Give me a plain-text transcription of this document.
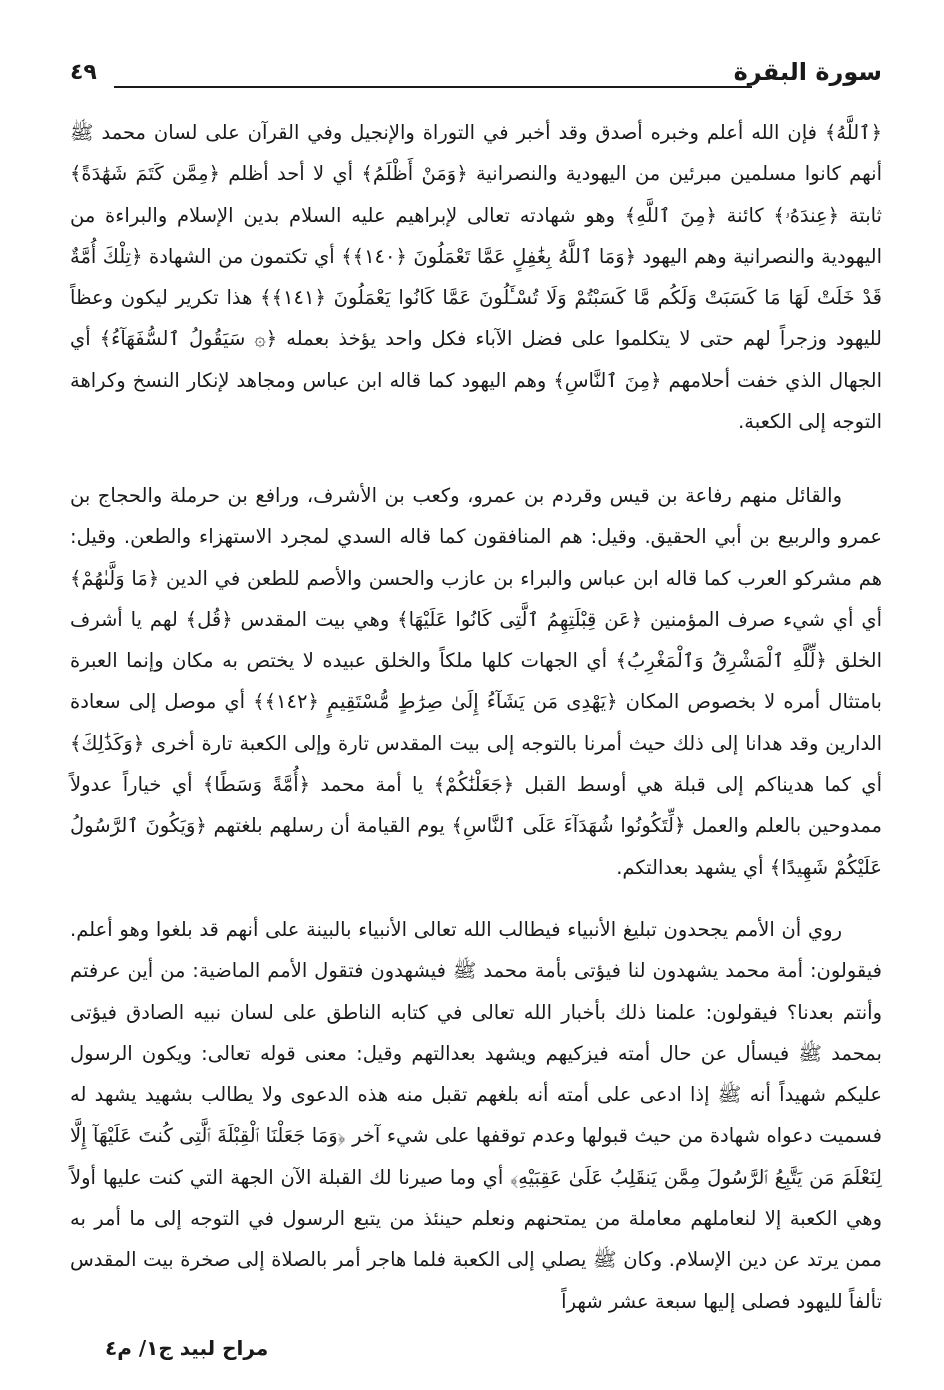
٤٩	سورة البقرة
﴿ٱللَّهُ﴾ فإن الله أعلم وخبره أصدق وقد أخبر في التوراة والإنجيل وفي القرآن على لسان محمد ﷺ أنهم كانوا مسلمين مبرئين من اليهودية والنصرانية ﴿وَمَنْ أَظْلَمُ﴾ أي لا أحد أظلم ﴿مِمَّن كَتَمَ شَهَٰدَةً﴾ ثابتة ﴿عِندَهُۥ﴾ كائنة ﴿مِنَ ٱللَّهِ﴾ وهو شهادته تعالى لإبراهيم عليه السلام بدين الإسلام والبراءة من اليهودية والنصرانية وهم اليهود ﴿وَمَا ٱللَّهُ بِغَٰفِلٍ عَمَّا تَعْمَلُونَ ﴿١٤٠﴾﴾ أي تكتمون من الشهادة ﴿تِلْكَ أُمَّةٌ قَدْ خَلَتْ لَهَا مَا كَسَبَتْ وَلَكُم مَّا كَسَبْتُمْ وَلَا تُسْـَٔلُونَ عَمَّا كَانُوا يَعْمَلُونَ ﴿١٤١﴾﴾ هذا تكرير ليكون وعظاً لليهود وزجراً لهم حتى لا يتكلموا على فضل الآباء فكل واحد يؤخذ بعمله ﴿۞ سَيَقُولُ ٱلسُّفَهَآءُ﴾ أي الجهال الذي خفت أحلامهم ﴿مِنَ ٱلنَّاسِ﴾ وهم اليهود كما قاله ابن عباس ومجاهد لإنكار النسخ وكراهة التوجه إلى الكعبة.
والقائل منهم رفاعة بن قيس وقردم بن عمرو، وكعب بن الأشرف، ورافع بن حرملة والحجاج بن عمرو والربيع بن أبي الحقيق. وقيل: هم المنافقون كما قاله السدي لمجرد الاستهزاء والطعن. وقيل: هم مشركو العرب كما قاله ابن عباس والبراء بن عازب والحسن والأصم للطعن في الدين ﴿مَا وَلَّىٰهُمْ﴾ أي أي شيء صرف المؤمنين ﴿عَن قِبْلَتِهِمُ ٱلَّتِى كَانُوا عَلَيْهَا﴾ وهي بيت المقدس ﴿قُل﴾ لهم يا أشرف الخلق ﴿لِّلَّهِ ٱلْمَشْرِقُ وَٱلْمَغْرِبُ﴾ أي الجهات كلها ملكاً والخلق عبيده لا يختص به مكان وإنما العبرة بامتثال أمره لا بخصوص المكان ﴿يَهْدِى مَن يَشَآءُ إِلَىٰ صِرَٰطٍ مُّسْتَقِيمٍ ﴿١٤٢﴾﴾ أي موصل إلى سعادة الدارين وقد هدانا إلى ذلك حيث أمرنا بالتوجه إلى بيت المقدس تارة وإلى الكعبة تارة أخرى ﴿وَكَذَٰلِكَ﴾ أي كما هديناكم إلى قبلة هي أوسط القبل ﴿جَعَلْنَٰكُمْ﴾ يا أمة محمد ﴿أُمَّةً وَسَطًا﴾ أي خياراً عدولاً ممدوحين بالعلم والعمل ﴿لِّتَكُونُوا شُهَدَآءَ عَلَى ٱلنَّاسِ﴾ يوم القيامة أن رسلهم بلغتهم ﴿وَيَكُونَ ٱلرَّسُولُ عَلَيْكُمْ شَهِيدًا﴾ أي يشهد بعدالتكم.
روي أن الأمم يجحدون تبليغ الأنبياء فيطالب الله تعالى الأنبياء بالبينة على أنهم قد بلغوا وهو أعلم. فيقولون: أمة محمد يشهدون لنا فيؤتى بأمة محمد ﷺ فيشهدون فتقول الأمم الماضية: من أين عرفتم وأنتم بعدنا؟ فيقولون: علمنا ذلك بأخبار الله تعالى في كتابه الناطق على لسان نبيه الصادق فيؤتى بمحمد ﷺ فيسأل عن حال أمته فيزكيهم ويشهد بعدالتهم وقيل: معنى قوله تعالى: ويكون الرسول عليكم شهيداً أنه ﷺ إذا ادعى على أمته أنه بلغهم تقبل منه هذه الدعوى ولا يطالب بشهيد يشهد له فسميت دعواه شهادة من حيث قبولها وعدم توقفها على شيء آخر ﴿وَمَا جَعَلْنَا ٱلْقِبْلَةَ ٱلَّتِى كُنتَ عَلَيْهَآ إِلَّا لِنَعْلَمَ مَن يَتَّبِعُ ٱلرَّسُولَ مِمَّن يَنقَلِبُ عَلَىٰ عَقِبَيْهِ﴾ أي وما صيرنا لك القبلة الآن الجهة التي كنت عليها أولاً وهي الكعبة إلا لنعاملهم معاملة من يمتحنهم ونعلم حينئذ من يتبع الرسول في التوجه إلى ما أمر به ممن يرتد عن دين الإسلام. وكان ﷺ يصلي إلى الكعبة فلما هاجر أمر بالصلاة إلى صخرة بيت المقدس تألفاً لليهود فصلى إليها سبعة عشر شهراً
مراح لبيد ج١/ م٤
